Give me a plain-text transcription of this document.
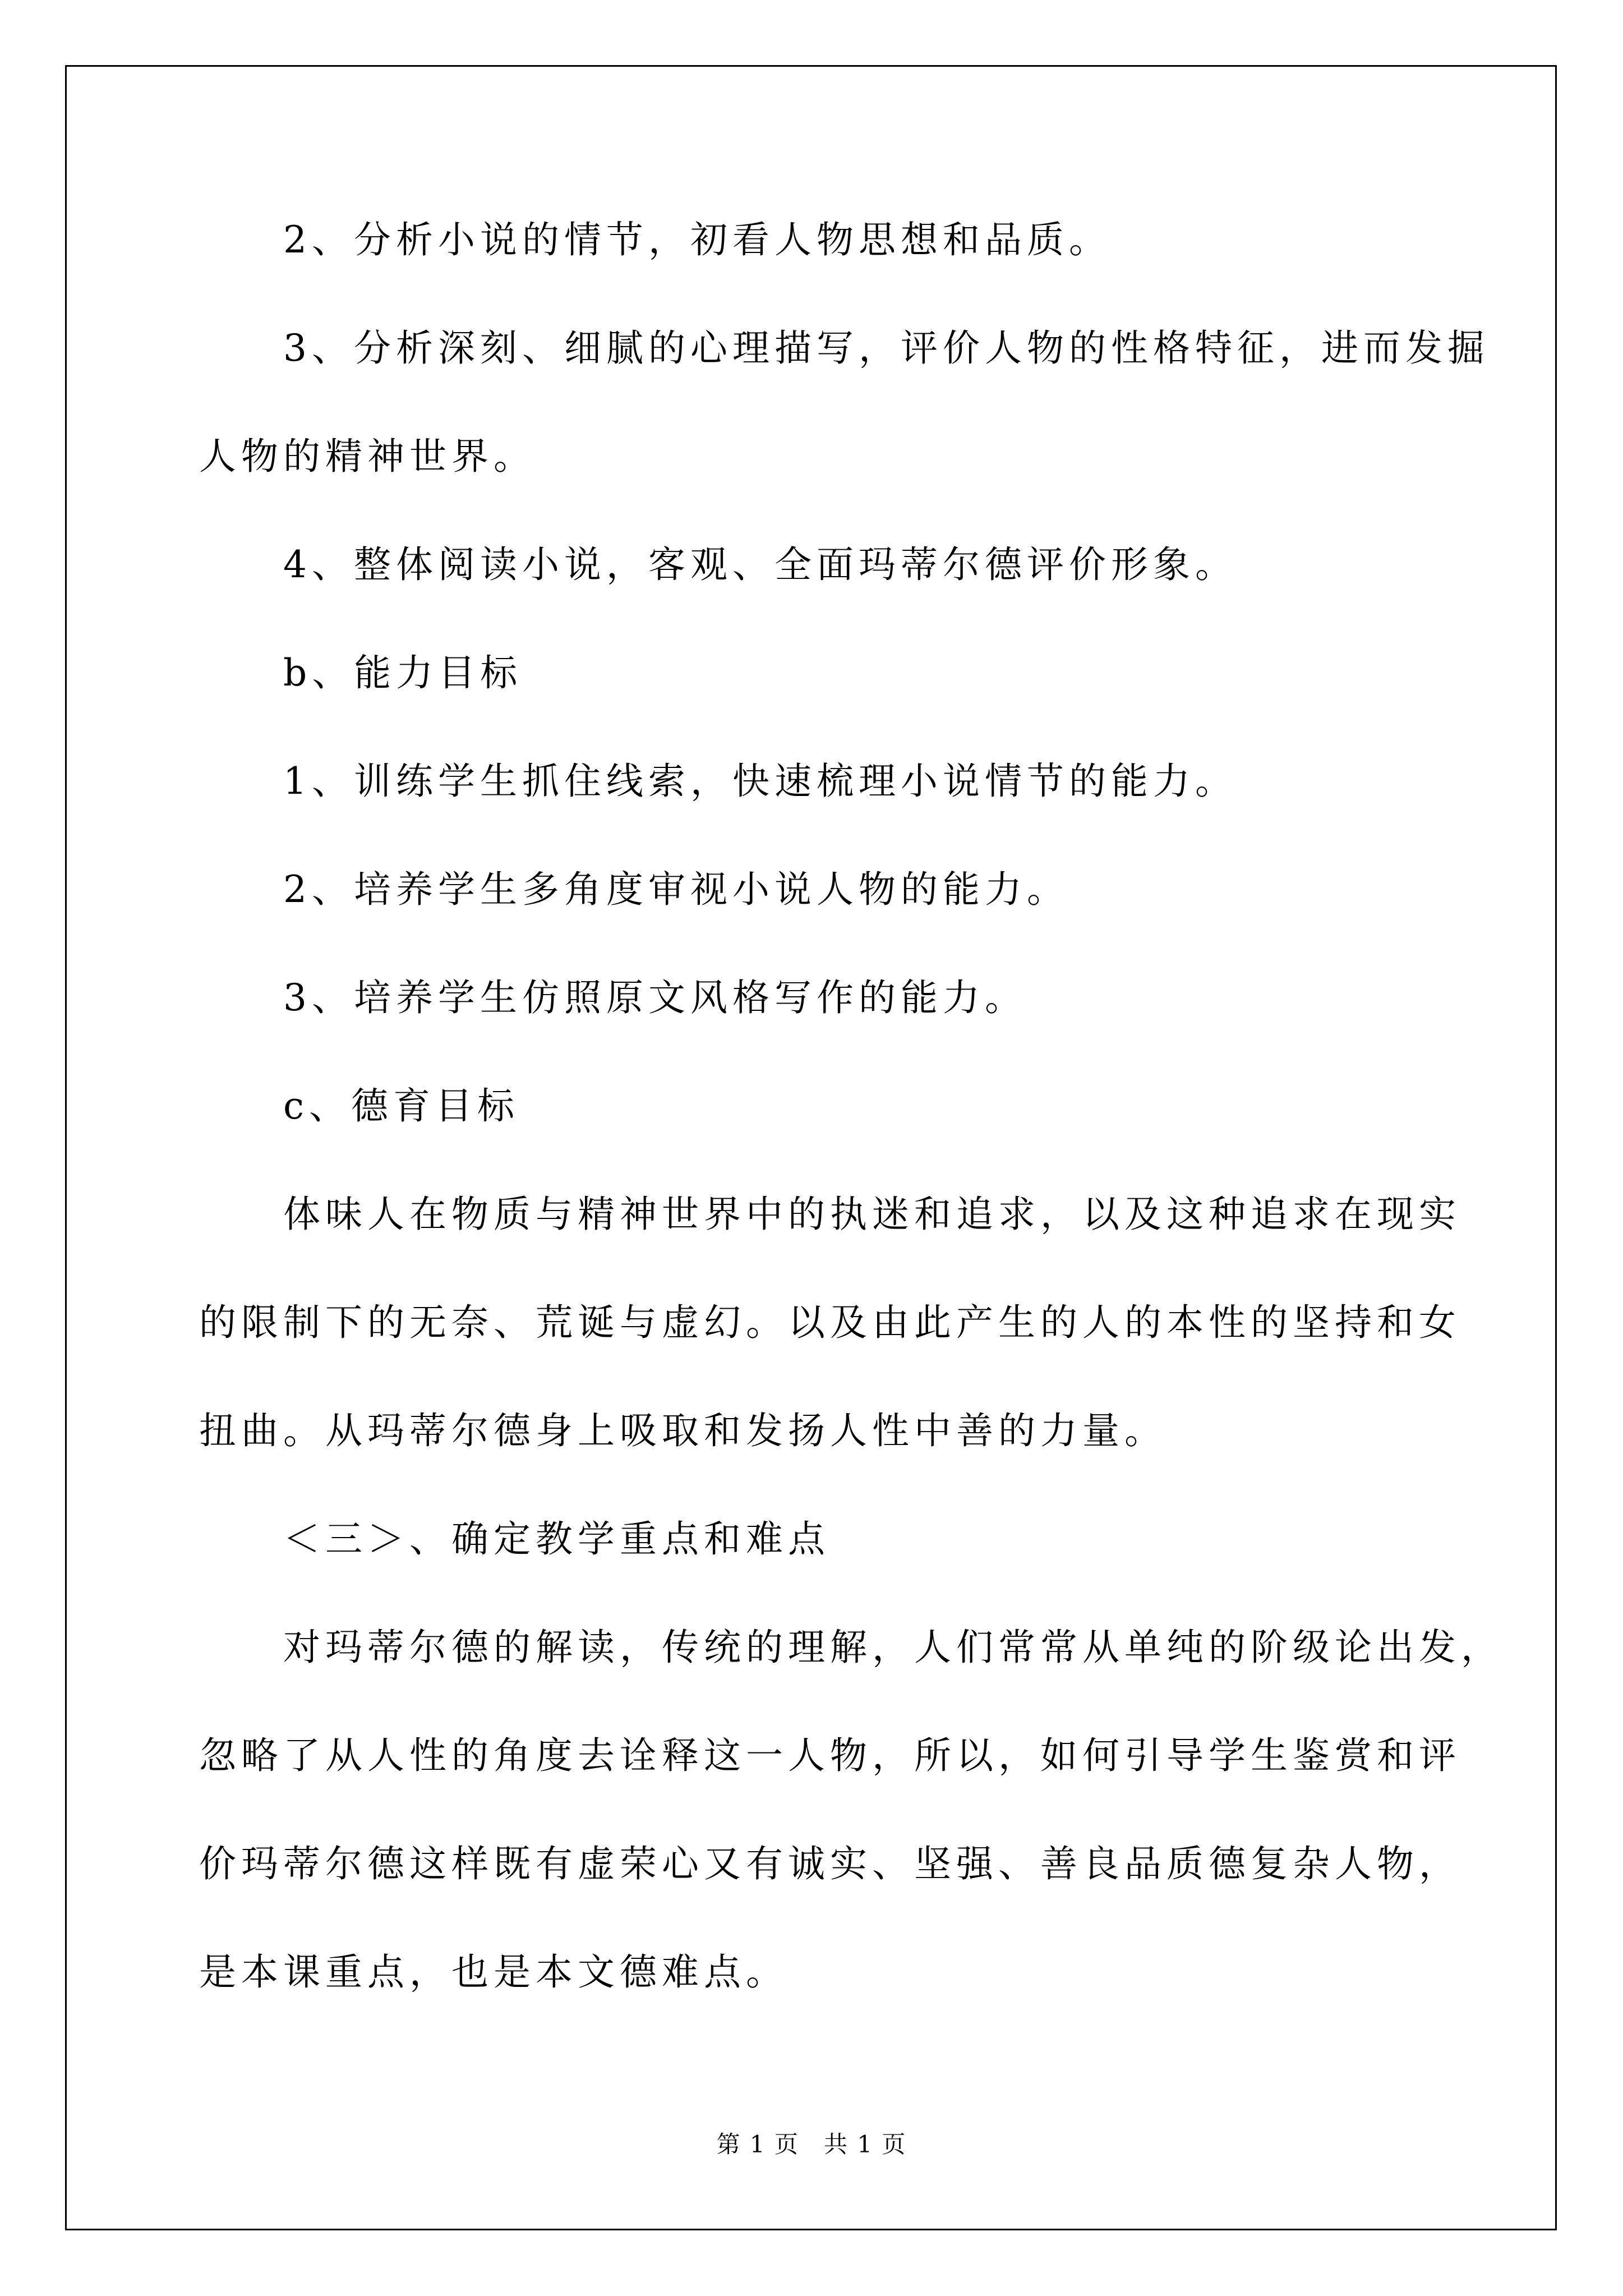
　　2、分析小说的情节，初看人物思想和品质。
　　3、分析深刻、细腻的心理描写，评价人物的性格特征，进而发掘
人物的精神世界。
　　4、整体阅读小说，客观、全面玛蒂尔德评价形象。
　　b、能力目标
　　1、训练学生抓住线索，快速梳理小说情节的能力。
　　2、培养学生多角度审视小说人物的能力。
　　3、培养学生仿照原文风格写作的能力。
　　c、德育目标
　　体味人在物质与精神世界中的执迷和追求，以及这种追求在现实
的限制下的无奈、荒诞与虚幻。以及由此产生的人的本性的坚持和女
扭曲。从玛蒂尔德身上吸取和发扬人性中善的力量。
　　＜三＞、确定教学重点和难点
　　对玛蒂尔德的解读，传统的理解，人们常常从单纯的阶级论出发，
忽略了从人性的角度去诠释这一人物，所以，如何引导学生鉴赏和评
价玛蒂尔德这样既有虚荣心又有诚实、坚强、善良品质德复杂人物，
是本课重点，也是本文德难点。
第 1 页　共 1 页
